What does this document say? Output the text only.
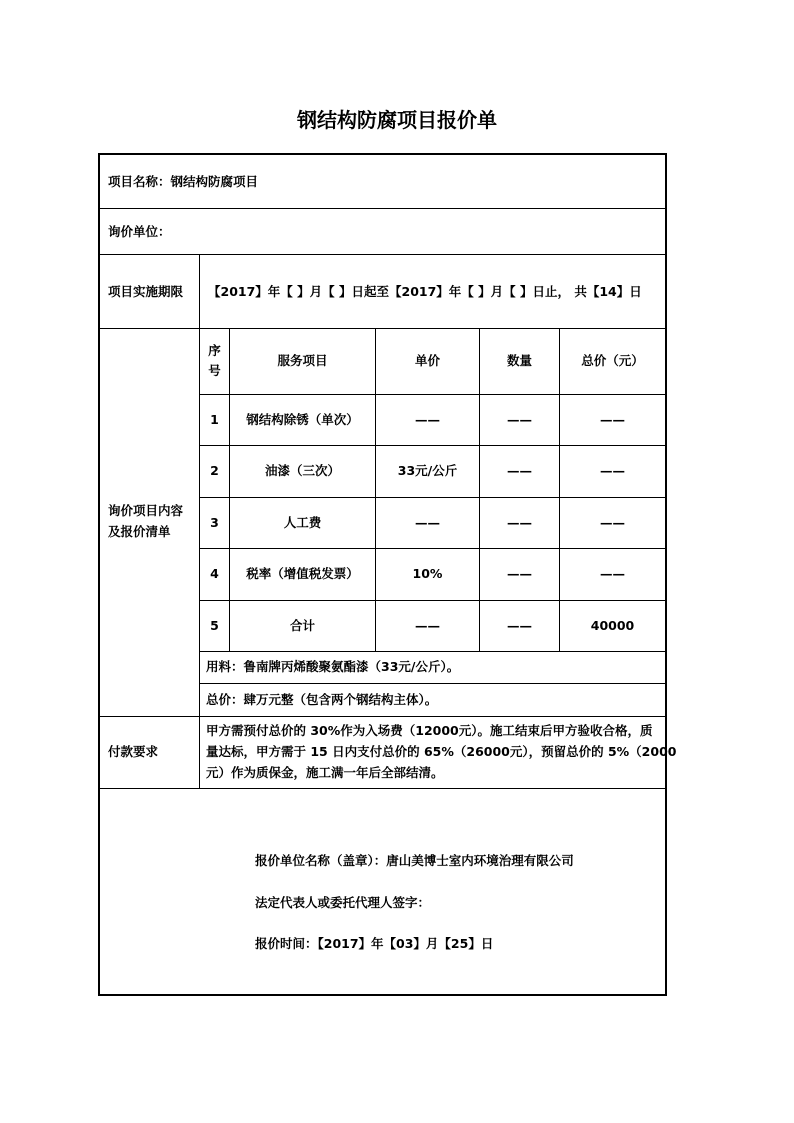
钢结构防腐项目报价单
项目名称：钢结构防腐项目
询价单位：
项目实施期限 【2017】年【 】月【 】日起至【2017】年【 】月【 】日止， 共【14】日
询价项目内容
及报价清单
序
号
服务项目	单价	数量	总价（元）
1	钢结构除锈（单次）	——	——	——
2	油漆（三次）	33元/公斤	——	——
3	人工费	——	——	——
4	税率（增值税发票）	10%	——	——
5	合计	——	——	40000
用料：鲁南牌丙烯酸聚氨酯漆（33元/公斤）。
总价：肆万元整（包含两个钢结构主体）。
付款要求
甲方需预付总价的 30%作为入场费（12000元）。施工结束后甲方验收合格，质
量达标，甲方需于 15 日内支付总价的 65%（26000元），预留总价的 5%（2000
元）作为质保金，施工满一年后全部结清。
报价单位名称（盖章）：唐山美博士室内环境治理有限公司
法定代表人或委托代理人签字：
报价时间：【2017】年【03】月【25】日
